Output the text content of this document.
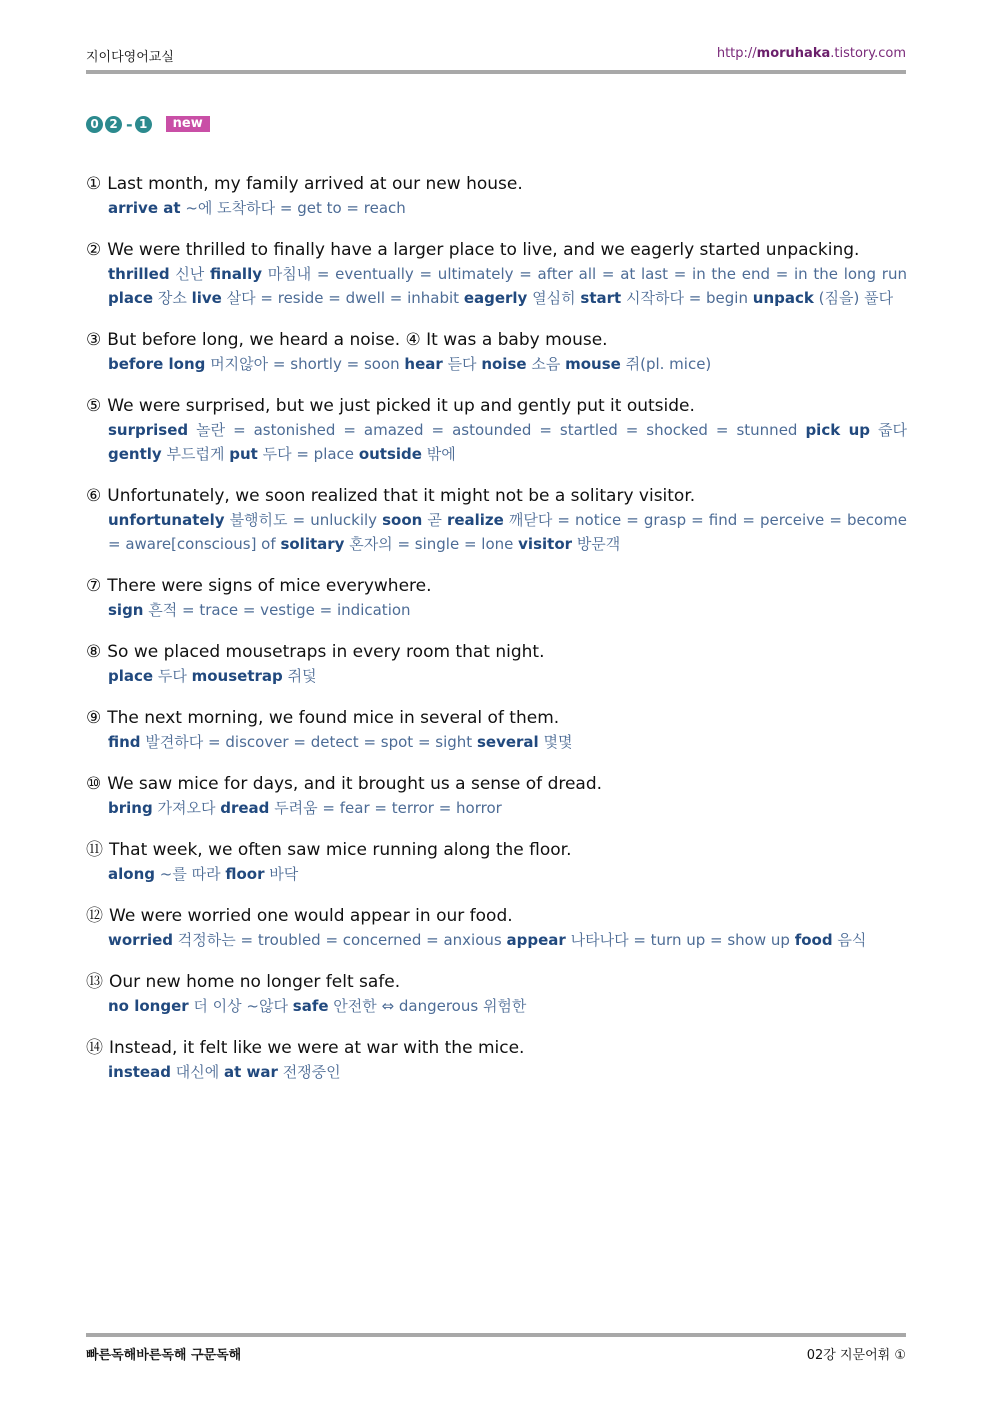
지이다영어교실	http://moruhaka.tistory.com
0 2 - 1	new
① Last month, my family arrived at our new house.
arrive at ~에 도착하다 = get to = reach
② We were thrilled to finally have a larger place to live, and we eagerly started unpacking.
thrilled 신난 finally 마침내 = eventually = ultimately = after all = at last = in the end = in the long run place 장소 live 살다 = reside = dwell = inhabit eagerly 열심히 start 시작하다 = begin unpack (짐을) 풀다
③ But before long, we heard a noise. ④ It was a baby mouse.
before long 머지않아 = shortly = soon hear 듣다 noise 소음 mouse 쥐(pl. mice)
⑤ We were surprised, but we just picked it up and gently put it outside.
surprised 놀란 = astonished = amazed = astounded = startled = shocked = stunned pick up 줍다 gently 부드럽게 put 두다 = place outside 밖에
⑥ Unfortunately, we soon realized that it might not be a solitary visitor.
unfortunately 불행히도 = unluckily soon 곧 realize 깨닫다 = notice = grasp = find = perceive = become = aware[conscious] of solitary 혼자의 = single = lone visitor 방문객
⑦ There were signs of mice everywhere.
sign 흔적 = trace = vestige = indication
⑧ So we placed mousetraps in every room that night.
place 두다 mousetrap 쥐덫
⑨ The next morning, we found mice in several of them.
find 발견하다 = discover = detect = spot = sight several 몇몇
⑩ We saw mice for days, and it brought us a sense of dread.
bring 가져오다 dread 두려움 = fear = terror = horror
⑪ That week, we often saw mice running along the floor.
along ~를 따라 floor 바닥
⑫ We were worried one would appear in our food.
worried 걱정하는 = troubled = concerned = anxious appear 나타나다 = turn up = show up food 음식
⑬ Our new home no longer felt safe.
no longer 더 이상 ~않다 safe 안전한 ⇔ dangerous 위험한
⑭ Instead, it felt like we were at war with the mice.
instead 대신에 at war 전쟁중인
빠른독해바른독해 구문독해	02강 지문어휘 ①
